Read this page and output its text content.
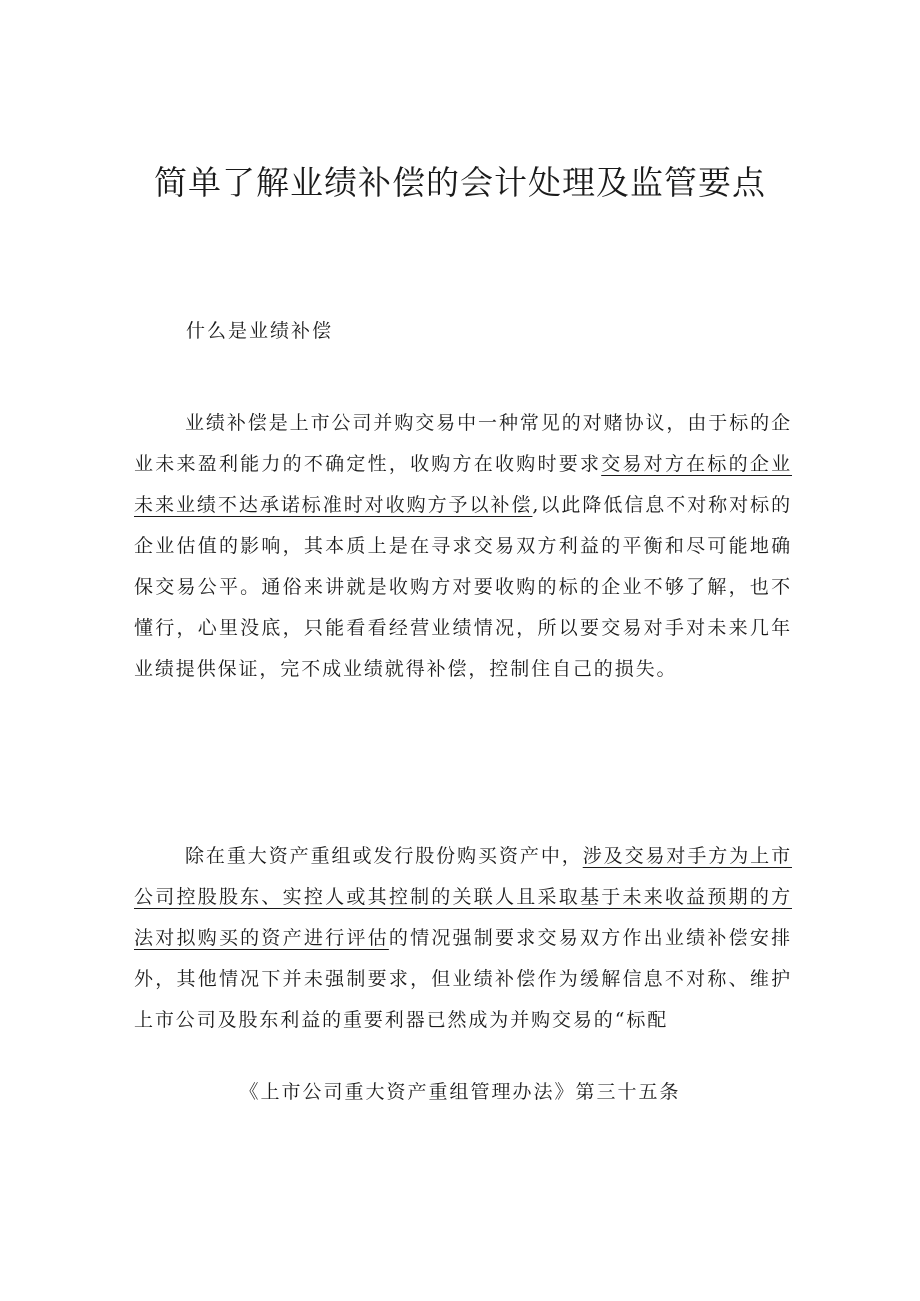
简单了解业绩补偿的会计处理及监管要点
什么是业绩补偿

业绩补偿是上市公司并购交易中一种常见的对赌协议，由于标的企业未来盈利能力的不确定性，收购方在收购时要求交易对方在标的企业未来业绩不达承诺标准时对收购方予以补偿,以此降低信息不对称对标的企业估值的影响，其本质上是在寻求交易双方利益的平衡和尽可能地确保交易公平。通俗来讲就是收购方对要收购的标的企业不够了解，也不懂行，心里没底，只能看看经营业绩情况，所以要交易对手对未来几年业绩提供保证，完不成业绩就得补偿，控制住自己的损失。

除在重大资产重组或发行股份购买资产中，涉及交易对手方为上市公司控股股东、实控人或其控制的关联人且采取基于未来收益预期的方法对拟购买的资产进行评估的情况强制要求交易双方作出业绩补偿安排外，其他情况下并未强制要求，但业绩补偿作为缓解信息不对称、维护上市公司及股东利益的重要利器已然成为并购交易的“标配

《上市公司重大资产重组管理办法》第三十五条
